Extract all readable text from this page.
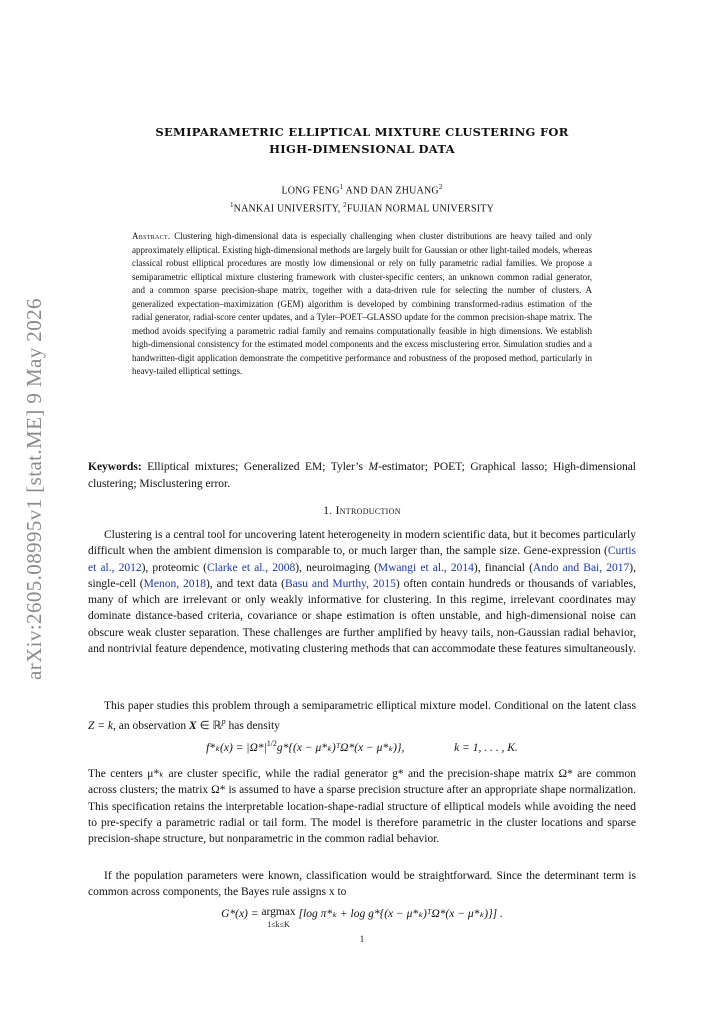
arXiv:2605.08995v1 [stat.ME] 9 May 2026
SEMIPARAMETRIC ELLIPTICAL MIXTURE CLUSTERING FOR
HIGH-DIMENSIONAL DATA
LONG FENG$^1$ AND DAN ZHUANG$^2$
$^1$NANKAI UNIVERSITY, $^2$FUJIAN NORMAL UNIVERSITY
Abstract. Clustering high-dimensional data is especially challenging when cluster distributions are heavy tailed and only approximately elliptical. Existing high-dimensional methods are largely built for Gaussian or other light-tailed models, whereas classical robust elliptical procedures are mostly low dimensional or rely on fully parametric radial families. We propose a semiparametric elliptical mixture clustering framework with cluster-specific centers, an unknown common radial generator, and a common sparse precision-shape matrix, together with a data-driven rule for selecting the number of clusters. A generalized expectation–maximization (GEM) algorithm is developed by combining transformed-radius estimation of the radial generator, radial-score center updates, and a Tyler–POET–GLASSO update for the common precision-shape matrix. The method avoids specifying a parametric radial family and remains computationally feasible in high dimensions. We establish high-dimensional consistency for the estimated model components and the excess misclustering error. Simulation studies and a handwritten-digit application demonstrate the competitive performance and robustness of the proposed method, particularly in heavy-tailed elliptical settings.
Keywords: Elliptical mixtures; Generalized EM; Tyler’s M-estimator; POET; Graphical lasso; High-dimensional clustering; Misclustering error.
1. Introduction

Clustering is a central tool for uncovering latent heterogeneity in modern scientific data, but it becomes particularly difficult when the ambient dimension is comparable to, or much larger than, the sample size. Gene-expression (Curtis et al., 2012), proteomic (Clarke et al., 2008), neuroimaging (Mwangi et al., 2014), financial (Ando and Bai, 2017), single-cell (Menon, 2018), and text data (Basu and Murthy, 2015) often contain hundreds or thousands of variables, many of which are irrelevant or only weakly informative for clustering. In this regime, irrelevant coordinates may dominate distance-based criteria, covariance or shape estimation is often unstable, and high-dimensional noise can obscure weak cluster separation. These challenges are further amplified by heavy tails, non-Gaussian radial behavior, and nontrivial feature dependence, motivating clustering methods that can accommodate these features simultaneously.

This paper studies this problem through a semiparametric elliptical mixture model. Conditional on the latent class Z = k, an observation X ∈ ℝ$^p$ has density

$f*_k(x) = |\Omega*|^{1/2}g*\{(x$ − μ*ₖ)ᵀΩ*(x − μ*ₖ)},	k = 1, . . . , K.

The centers μ*ₖ are cluster specific, while the radial generator g* and the precision-shape matrix Ω* are common across clusters; the matrix Ω* is assumed to have a sparse precision structure after an appropriate shape normalization. This specification retains the interpretable location-shape-radial structure of elliptical models while avoiding the need to pre-specify a parametric radial or tail form. The model is therefore parametric in the cluster locations and sparse precision-shape structure, but nonparametric in the common radial behavior.

If the population parameters were known, classification would be straightforward. Since the determinant term is common across components, the Bayes rule assigns x to

G*(x) = argmax
1≤k≤K [log π*ₖ + log g*{(x − μ*ₖ)ᵀΩ*(x − μ*ₖ)}] .
1
